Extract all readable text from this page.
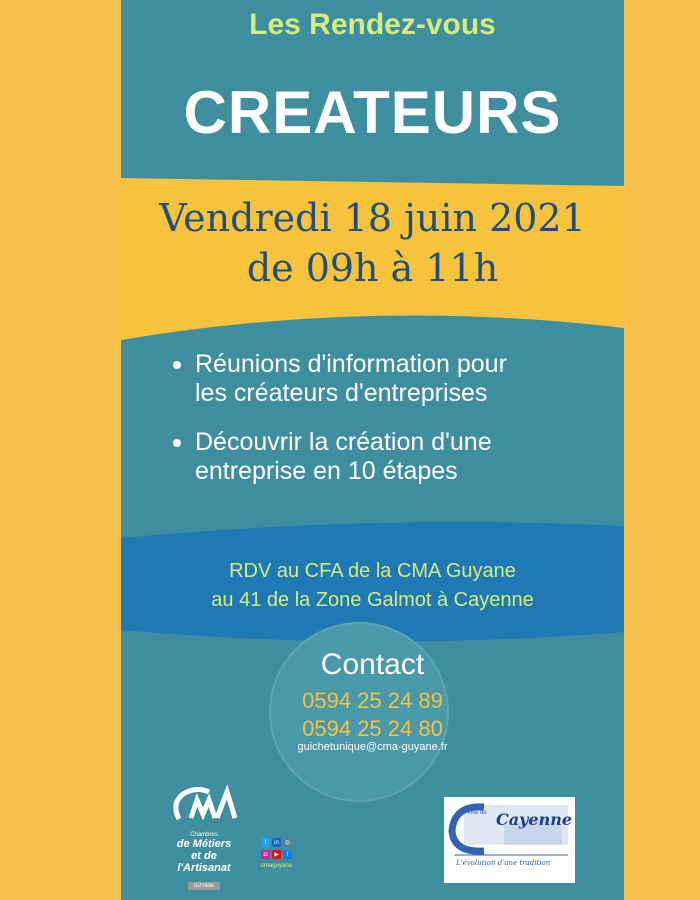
Les Rendez-vous
CREATEURS
Vendredi 18 juin 2021
de 09h à 11h
Réunions d'information pour
les créateurs d'entreprises
Découvrir la création d'une
entreprise en 10 étapes
RDV au CFA de la CMA Guyane
au 41 de la Zone Galmot à Cayenne
Contact
0594 25 24 89
0594 25 24 80
guichetunique@cma-guyane.fr
Chambres
de Métiers
et de l'Artisanat
GUYANE
t	in	◎
◘	▶	f
cmaguyane
Ville de Cayenne
L'évolution d'une tradition
